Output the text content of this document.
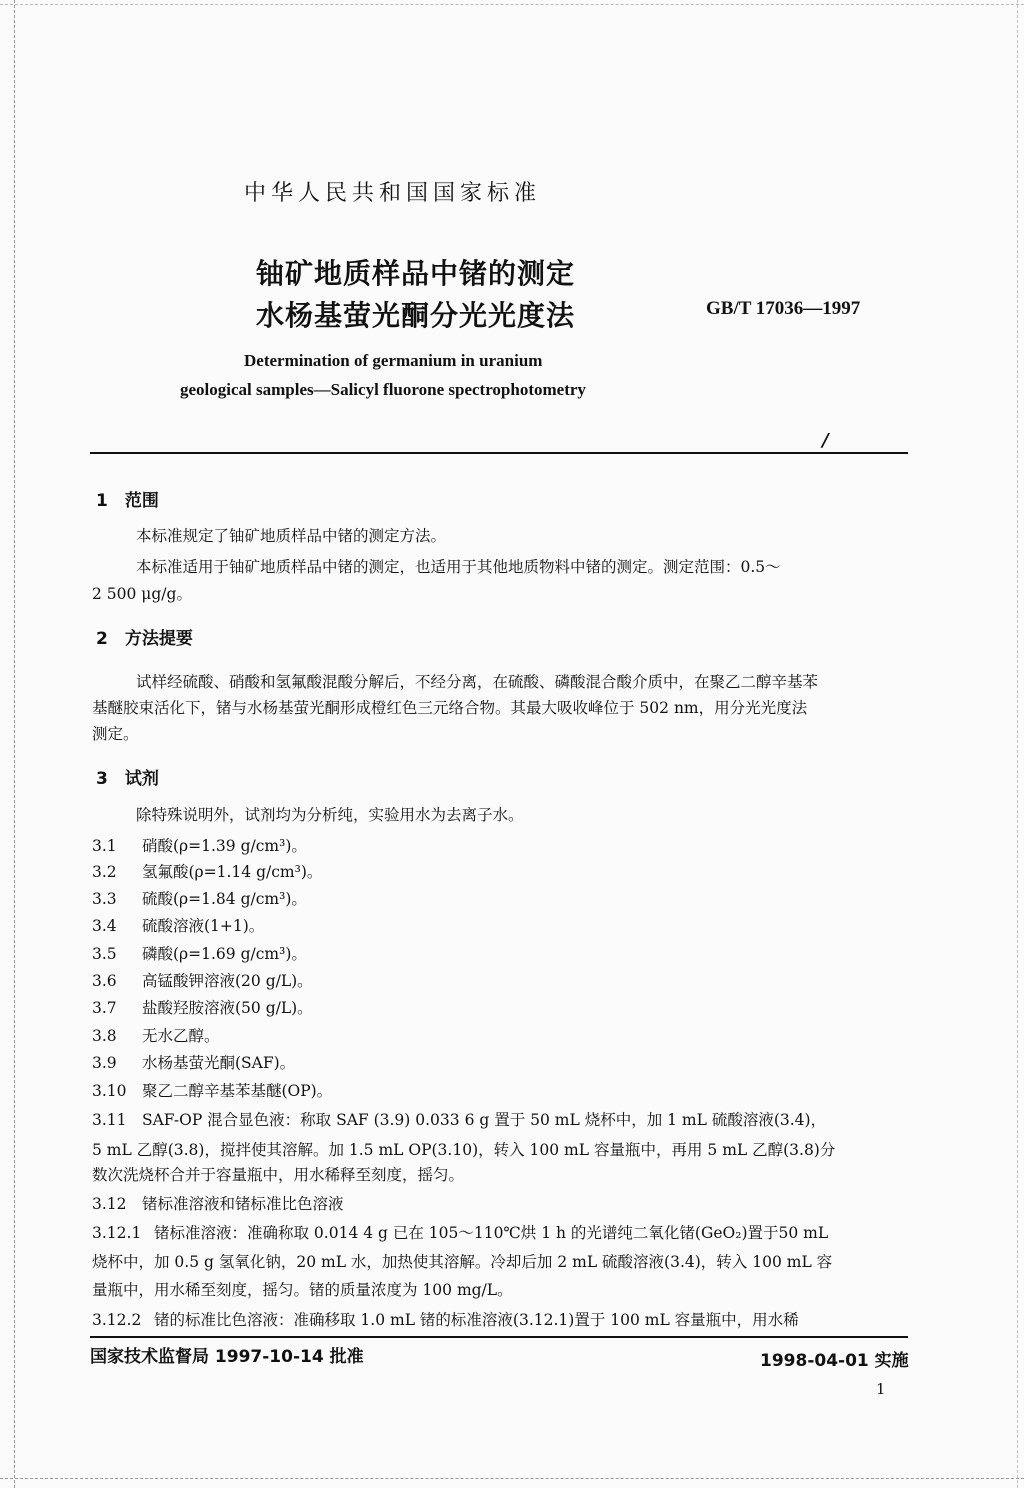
中华人民共和国国家标准
铀矿地质样品中锗的测定
水杨基萤光酮分光光度法	GB/T 17036—1997
Determination of germanium in uranium
geological samples—Salicyl fluorone spectrophotometry
/
1　范围
本标准规定了铀矿地质样品中锗的测定方法。
本标准适用于铀矿地质样品中锗的测定，也适用于其他地质物料中锗的测定。测定范围：0.5～
2 500 μg/g。
2　方法提要
试样经硫酸、硝酸和氢氟酸混酸分解后，不经分离，在硫酸、磷酸混合酸介质中，在聚乙二醇辛基苯
基醚胶束活化下，锗与水杨基萤光酮形成橙红色三元络合物。其最大吸收峰位于 502 nm，用分光光度法
测定。
3　试剂
除特殊说明外，试剂均为分析纯，实验用水为去离子水。
3.1 硝酸(ρ=1.39 g/cm³)。
3.2 氢氟酸(ρ=1.14 g/cm³)。
3.3 硫酸(ρ=1.84 g/cm³)。
3.4 硫酸溶液(1+1)。
3.5 磷酸(ρ=1.69 g/cm³)。
3.6 高锰酸钾溶液(20 g/L)。
3.7 盐酸羟胺溶液(50 g/L)。
3.8 无水乙醇。
3.9 水杨基萤光酮(SAF)。
3.10 聚乙二醇辛基苯基醚(OP)。
3.11 SAF-OP 混合显色液：称取 SAF (3.9) 0.033 6 g 置于 50 mL 烧杯中，加 1 mL 硫酸溶液(3.4)，
5 mL 乙醇(3.8)，搅拌使其溶解。加 1.5 mL OP(3.10)，转入 100 mL 容量瓶中，再用 5 mL 乙醇(3.8)分
数次洗烧杯合并于容量瓶中，用水稀释至刻度，摇匀。
3.12 锗标准溶液和锗标准比色溶液
3.12.1 锗标准溶液：准确称取 0.014 4 g 已在 105～110℃烘 1 h 的光谱纯二氧化锗(GeO₂)置于50 mL
烧杯中，加 0.5 g 氢氧化钠，20 mL 水，加热使其溶解。冷却后加 2 mL 硫酸溶液(3.4)，转入 100 mL 容
量瓶中，用水稀至刻度，摇匀。锗的质量浓度为 100 mg/L。
3.12.2 锗的标准比色溶液：准确移取 1.0 mL 锗的标准溶液(3.12.1)置于 100 mL 容量瓶中，用水稀
国家技术监督局 1997-10-14 批准	1998-04-01 实施
1
